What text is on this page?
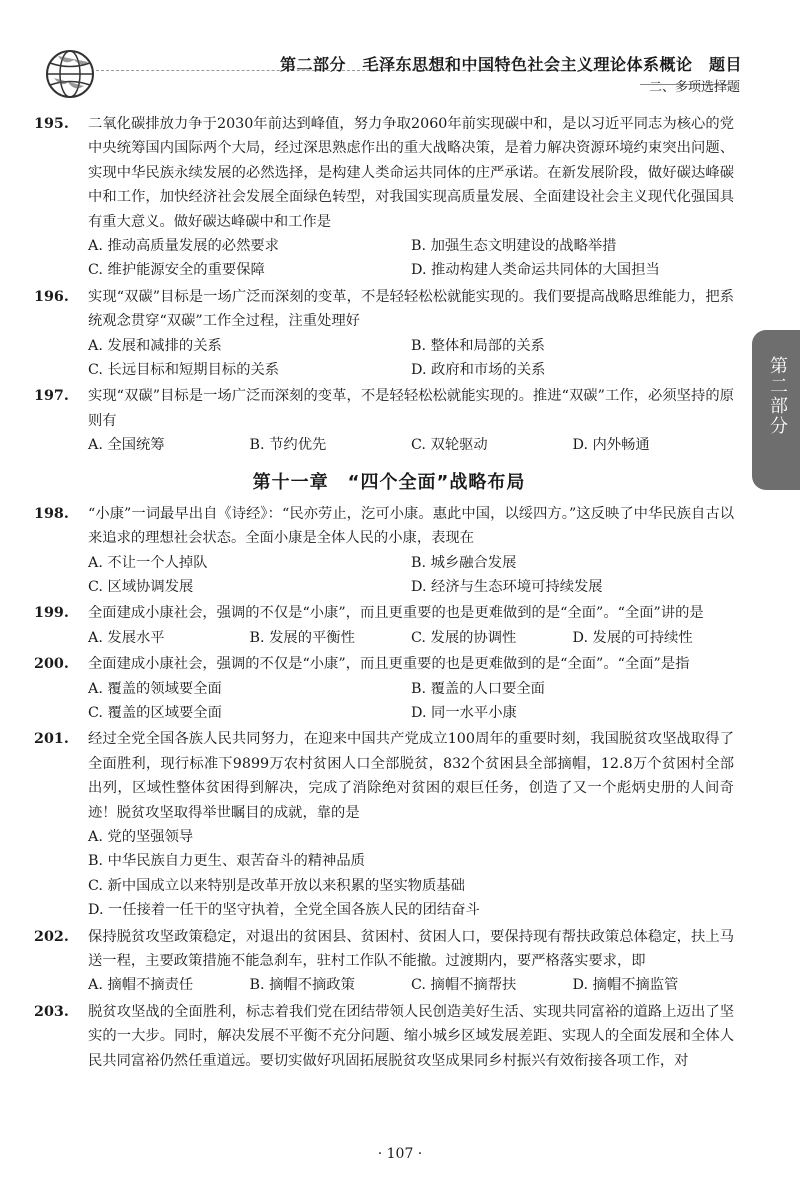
第二部分　毛泽东思想和中国特色社会主义理论体系概论　题目
二、多项选择题
第二部分
195. 二氧化碳排放力争于2030年前达到峰值，努力争取2060年前实现碳中和，是以习近平同志为核心的党中央统筹国内国际两个大局，经过深思熟虑作出的重大战略决策，是着力解决资源环境约束突出问题、实现中华民族永续发展的必然选择，是构建人类命运共同体的庄严承诺。在新发展阶段，做好碳达峰碳中和工作，加快经济社会发展全面绿色转型，对我国实现高质量发展、全面建设社会主义现代化强国具有重大意义。做好碳达峰碳中和工作是
A. 推动高质量发展的必然要求	B. 加强生态文明建设的战略举措
C. 维护能源安全的重要保障	D. 推动构建人类命运共同体的大国担当
196. 实现“双碳”目标是一场广泛而深刻的变革，不是轻轻松松就能实现的。我们要提高战略思维能力，把系统观念贯穿“双碳”工作全过程，注重处理好
A. 发展和减排的关系	B. 整体和局部的关系
C. 长远目标和短期目标的关系	D. 政府和市场的关系
197. 实现“双碳”目标是一场广泛而深刻的变革，不是轻轻松松就能实现的。推进“双碳”工作，必须坚持的原则有
A. 全国统筹	B. 节约优先	C. 双轮驱动	D. 内外畅通
第十一章　“四个全面”战略布局
198. “小康”一词最早出自《诗经》：“民亦劳止，汔可小康。惠此中国，以绥四方。”这反映了中华民族自古以来追求的理想社会状态。全面小康是全体人民的小康，表现在
A. 不让一个人掉队	B. 城乡融合发展
C. 区域协调发展	D. 经济与生态环境可持续发展
199. 全面建成小康社会，强调的不仅是“小康”，而且更重要的也是更难做到的是“全面”。“全面”讲的是
A. 发展水平	B. 发展的平衡性	C. 发展的协调性	D. 发展的可持续性
200. 全面建成小康社会，强调的不仅是“小康”，而且更重要的也是更难做到的是“全面”。“全面”是指
A. 覆盖的领域要全面	B. 覆盖的人口要全面
C. 覆盖的区域要全面	D. 同一水平小康
201. 经过全党全国各族人民共同努力，在迎来中国共产党成立100周年的重要时刻，我国脱贫攻坚战取得了全面胜利，现行标准下9899万农村贫困人口全部脱贫，832个贫困县全部摘帽，12.8万个贫困村全部出列，区域性整体贫困得到解决，完成了消除绝对贫困的艰巨任务，创造了又一个彪炳史册的人间奇迹！脱贫攻坚取得举世瞩目的成就，靠的是
A. 党的坚强领导
B. 中华民族自力更生、艰苦奋斗的精神品质
C. 新中国成立以来特别是改革开放以来积累的坚实物质基础
D. 一任接着一任干的坚守执着，全党全国各族人民的团结奋斗
202. 保持脱贫攻坚政策稳定，对退出的贫困县、贫困村、贫困人口，要保持现有帮扶政策总体稳定，扶上马送一程，主要政策措施不能急刹车，驻村工作队不能撤。过渡期内，要严格落实要求，即
A. 摘帽不摘责任	B. 摘帽不摘政策	C. 摘帽不摘帮扶	D. 摘帽不摘监管
203. 脱贫攻坚战的全面胜利，标志着我们党在团结带领人民创造美好生活、实现共同富裕的道路上迈出了坚实的一大步。同时，解决发展不平衡不充分问题、缩小城乡区域发展差距、实现人的全面发展和全体人民共同富裕仍然任重道远。要切实做好巩固拓展脱贫攻坚成果同乡村振兴有效衔接各项工作，对
· 107 ·
